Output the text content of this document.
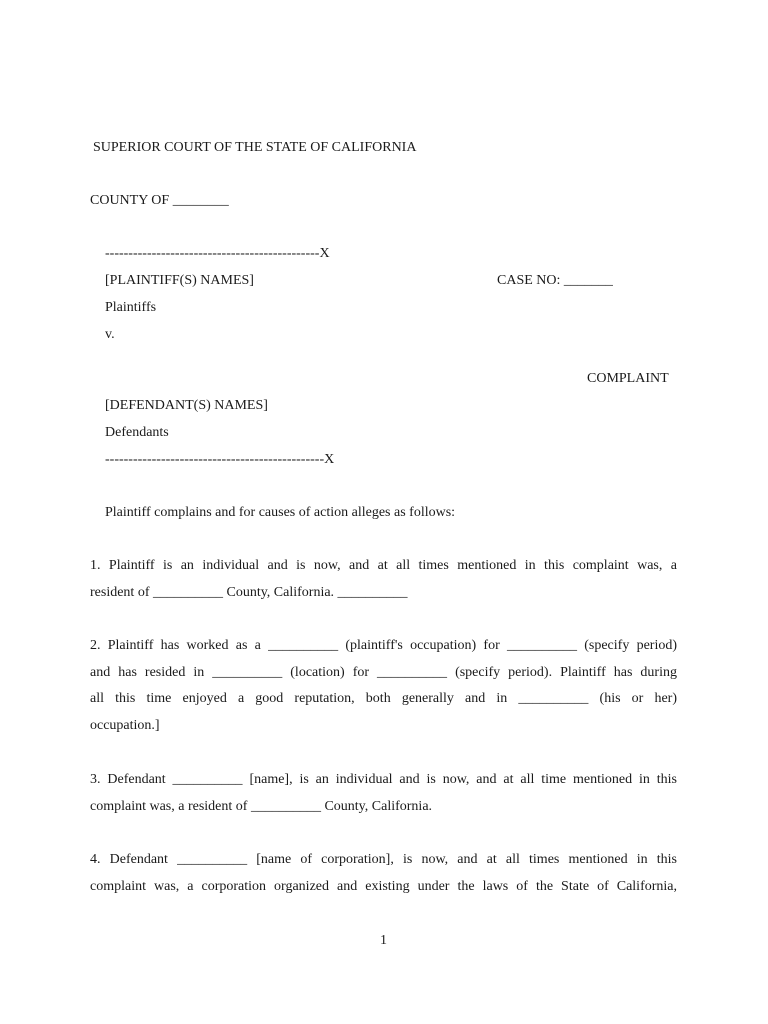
SUPERIOR COURT OF THE STATE OF CALIFORNIA
COUNTY OF ________
----------------------------------------------X
[PLAINTIFF(S) NAMES]	CASE NO: _______
Plaintiffs
v.
COMPLAINT
[DEFENDANT(S) NAMES]
Defendants
-----------------------------------------------X
Plaintiff complains and for causes of action alleges as follows:
1. Plaintiff is an individual and is now, and at all times mentioned in this complaint was, a
resident of __________ County, California. __________
2. Plaintiff has worked as a __________ (plaintiff's occupation) for __________ (specify period)
and has resided in __________ (location) for __________ (specify period). Plaintiff has during
all this time enjoyed a good reputation, both generally and in __________ (his or her)
occupation.]
3. Defendant __________ [name], is an individual and is now, and at all time mentioned in this
complaint was, a resident of __________ County, California.
4. Defendant __________ [name of corporation], is now, and at all times mentioned in this
complaint was, a corporation organized and existing under the laws of the State of California,
1
